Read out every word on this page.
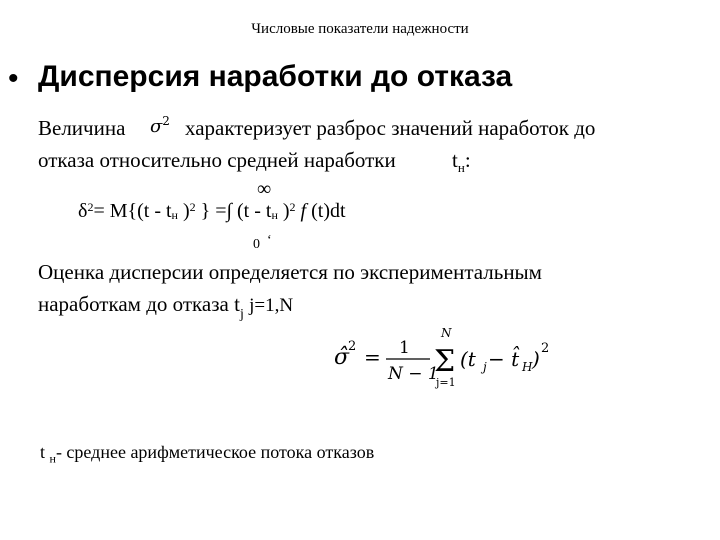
Числовые показатели надежности
• Дисперсия наработки до отказа
Величина $\sigma^2$ характеризует разброс значений наработок до
отказа относительно средней наработки	$t_н$:
∞
$\delta^2= M\{(t - t_н$ )$^2$ } =∫ ($t - t_н$ )$^2$ f (t)dt
0 ʻ
Оценка дисперсии определяется по экспериментальным
наработкам до отказа $t_j$ j=1,N
σ̂
2 = 1
N − 1
N
Σ
j=1
(t j − t̂ H ) 2
t $_н$- среднее арифметическое потока отказов
